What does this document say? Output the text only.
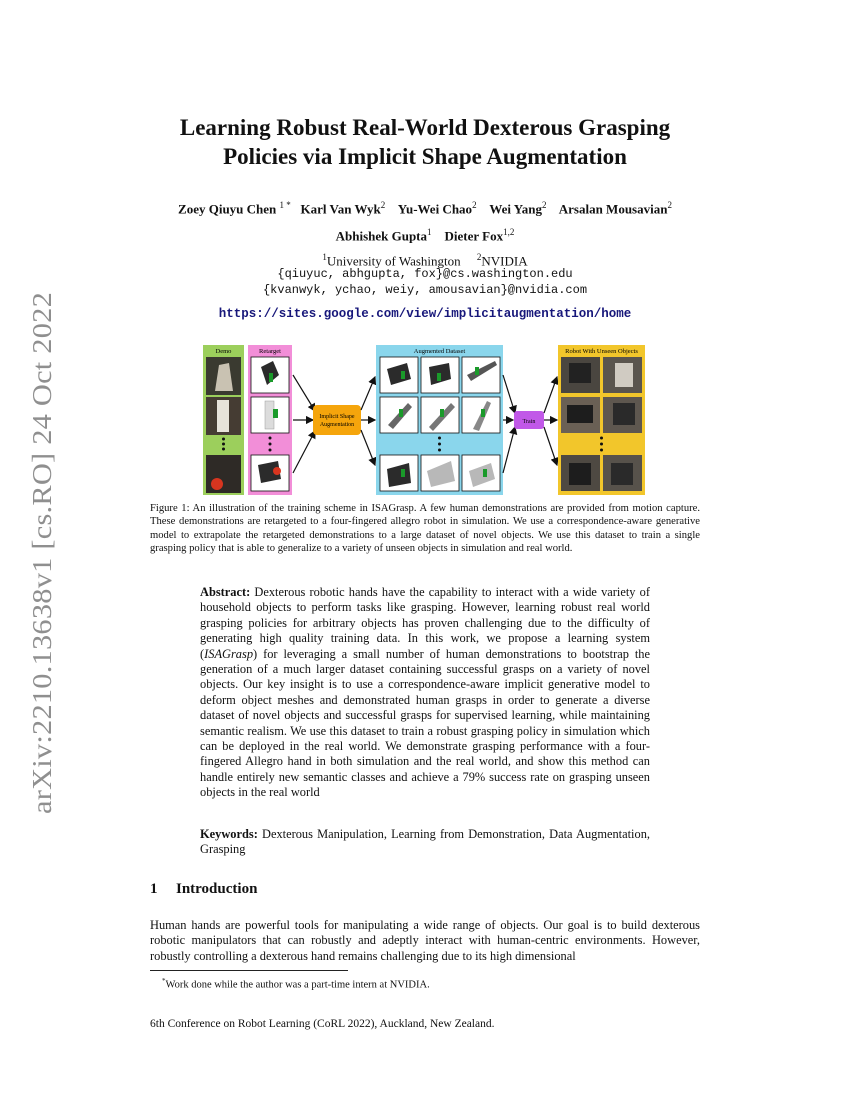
arXiv:2210.13638v1 [cs.RO] 24 Oct 2022
Learning Robust Real-World Dexterous Grasping
Policies via Implicit Shape Augmentation
Zoey Qiuyu Chen $^{1 *}$ Karl Van Wyk$^2$ Yu-Wei Chao$^2$ Wei Yang$^2$ Arsalan Mousavian$^2$
Abhishek Gupta$^1$ Dieter Fox$^{1,2}$
$^1$University of Washington $^2$NVIDIA
{qiuyuc, abhgupta, fox}@cs.washington.edu
{kvanwyk, ychao, weiy, amousavian}@nvidia.com
https://sites.google.com/view/implicitaugmentation/home
Demo	Retarget
Implicit Shape
Augmentation
Augmented Dataset
Train
Robot With Unseen Objects
Figure 1: An illustration of the training scheme in ISAGrasp. A few human demonstrations are provided from motion capture. These demonstrations are retargeted to a four-fingered allegro robot in simulation. We use a correspondence-aware generative model to extrapolate the retargeted demonstrations to a large dataset of novel objects. We use this dataset to train a single grasping policy that is able to generalize to a variety of unseen objects in simulation and real world.
Abstract: Dexterous robotic hands have the capability to interact with a wide variety of household objects to perform tasks like grasping. However, learning robust real world grasping policies for arbitrary objects has proven challenging due to the difficulty of generating high quality training data. In this work, we propose a learning system (ISAGrasp) for leveraging a small number of human demonstrations to bootstrap the generation of a much larger dataset containing successful grasps on a variety of novel objects. Our key insight is to use a correspondence-aware implicit generative model to deform object meshes and demonstrated human grasps in order to generate a diverse dataset of novel objects and successful grasps for supervised learning, while maintaining semantic realism. We use this dataset to train a robust grasping policy in simulation which can be deployed in the real world. We demonstrate grasping performance with a four-fingered Allegro hand in both simulation and the real world, and show this method can handle entirely new semantic classes and achieve a 79% success rate on grasping unseen objects in the real world
Keywords: Dexterous Manipulation, Learning from Demonstration, Data Augmentation, Grasping
1 Introduction
Human hands are powerful tools for manipulating a wide range of objects. Our goal is to build dexterous robotic manipulators that can robustly and adeptly interact with human-centric environments. However, robustly controlling a dexterous hand remains challenging due to its high dimensional
*Work done while the author was a part-time intern at NVIDIA.
6th Conference on Robot Learning (CoRL 2022), Auckland, New Zealand.
